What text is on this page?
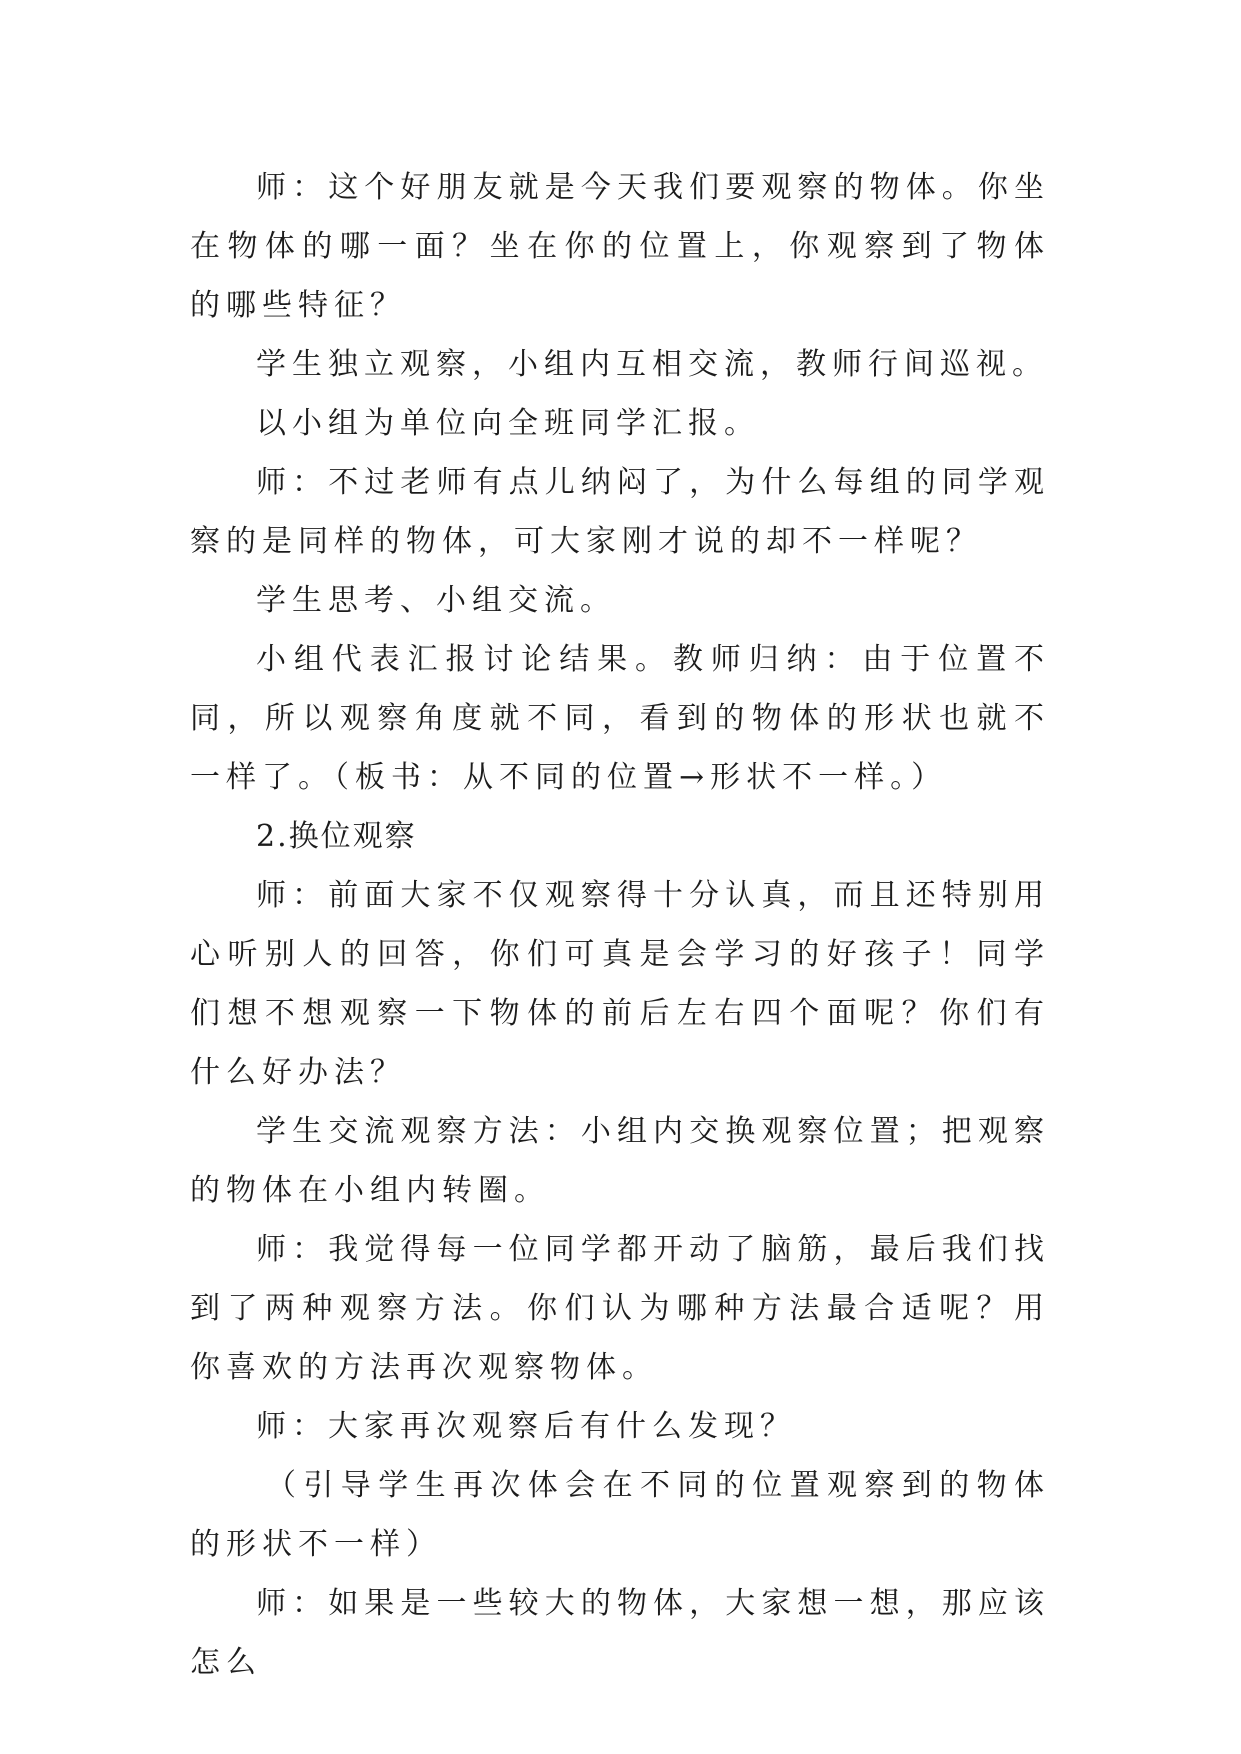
师：这个好朋友就是今天我们要观察的物体。你坐在物体的哪一面？坐在你的位置上，你观察到了物体的哪些特征？

学生独立观察，小组内互相交流，教师行间巡视。

以小组为单位向全班同学汇报。

师：不过老师有点儿纳闷了，为什么每组的同学观察的是同样的物体，可大家刚才说的却不一样呢？

学生思考、小组交流。

小组代表汇报讨论结果。教师归纳：由于位置不同，所以观察角度就不同，看到的物体的形状也就不一样了。（板书：从不同的位置→形状不一样。）

2.换位观察

师：前面大家不仅观察得十分认真，而且还特别用心听别人的回答，你们可真是会学习的好孩子！同学们想不想观察一下物体的前后左右四个面呢？你们有什么好办法？

学生交流观察方法：小组内交换观察位置；把观察的物体在小组内转圈。

师：我觉得每一位同学都开动了脑筋，最后我们找到了两种观察方法。你们认为哪种方法最合适呢？用你喜欢的方法再次观察物体。

师：大家再次观察后有什么发现？

（引导学生再次体会在不同的位置观察到的物体的形状不一样）

师：如果是一些较大的物体，大家想一想，那应该怎么
